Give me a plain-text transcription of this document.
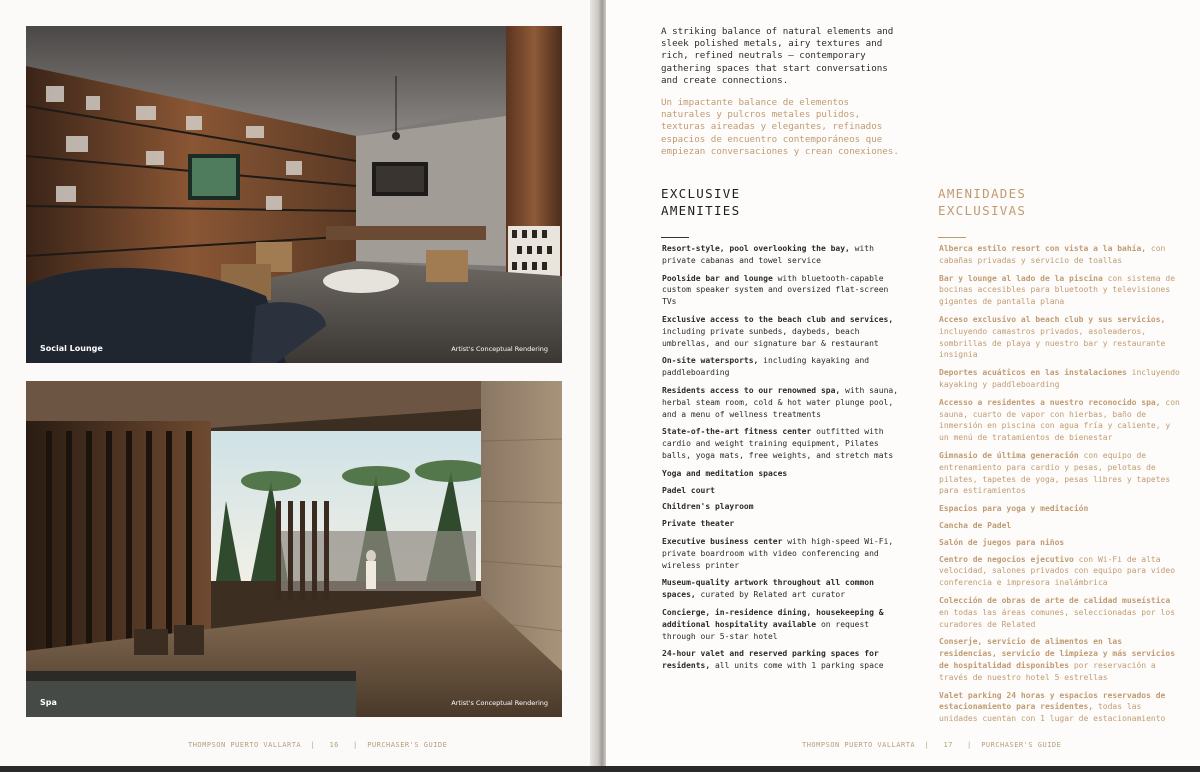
Social Lounge	Artist's Conceptual Rendering
Spa	Artist's Conceptual Rendering
THOMPSON PUERTO VALLARTA  |   16   |  PURCHASER'S GUIDE	THOMPSON PUERTO VALLARTA  |   17   |  PURCHASER'S GUIDE
A striking balance of natural elements and sleek polished metals, airy textures and rich, refined neutrals — contemporary gathering spaces that start conversations and create connections.
Un impactante balance de elementos naturales y pulcros metales pulidos, texturas aireadas y elegantes, refinados espacios de encuentro contemporáneos que empiezan conversaciones y crean conexiones.
EXCLUSIVE
AMENITIES
AMENIDADES
EXCLUSIVAS
Resort-style, pool overlooking the bay, with private cabanas and towel service
Poolside bar and lounge with bluetooth-capable custom speaker system and oversized flat-screen TVs
Exclusive access to the beach club and services, including private sunbeds, daybeds, beach umbrellas, and our signature bar & restaurant
On-site watersports, including kayaking and paddleboarding
Residents access to our renowned spa, with sauna, herbal steam room, cold & hot water plunge pool, and a menu of wellness treatments
State-of-the-art fitness center outfitted with cardio and weight training equipment, Pilates balls, yoga mats, free weights, and stretch mats
Yoga and meditation spaces
Padel court
Children's playroom
Private theater
Executive business center with high-speed Wi-Fi, private boardroom with video conferencing and wireless printer
Museum-quality artwork throughout all common spaces, curated by Related art curator
Concierge, in-residence dining, housekeeping & additional hospitality available on request through our 5-star hotel
24-hour valet and reserved parking spaces for residents, all units come with 1 parking space
Alberca estilo resort con vista a la bahía, con cabañas privadas y servicio de toallas
Bar y lounge al lado de la piscina con sistema de bocinas accesibles para bluetooth y televisiones gigantes de pantalla plana
Acceso exclusivo al beach club y sus servicios, incluyendo camastros privados, asoleaderos, sombrillas de playa y nuestro bar y restaurante insignia
Deportes acuáticos en las instalaciones incluyendo kayaking y paddleboarding
Accesso a residentes a nuestro reconocido spa, con sauna, cuarto de vapor con hierbas, baño de inmersión en piscina con agua fría y caliente, y un menú de tratamientos de bienestar
Gimnasio de última generación con equipo de entrenamiento para cardio y pesas, pelotas de pilates, tapetes de yoga, pesas libres y tapetes para estiramientos
Espacios para yoga y meditación
Cancha de Padel
Salón de juegos para niños
Centro de negocios ejecutivo con Wi-Fi de alta velocidad, salones privados con equipo para video conferencia e impresora inalámbrica
Colección de obras de arte de calidad museística en todas las áreas comunes, seleccionadas por los curadores de Related
Conserje, servicio de alimentos en las residencias, servicio de limpieza y más servicios de hospitalidad disponibles por reservación a través de nuestro hotel 5 estrellas
Valet parking 24 horas y espacios reservados de estacionamiento para residentes, todas las unidades cuentan con 1 lugar de estacionamiento
